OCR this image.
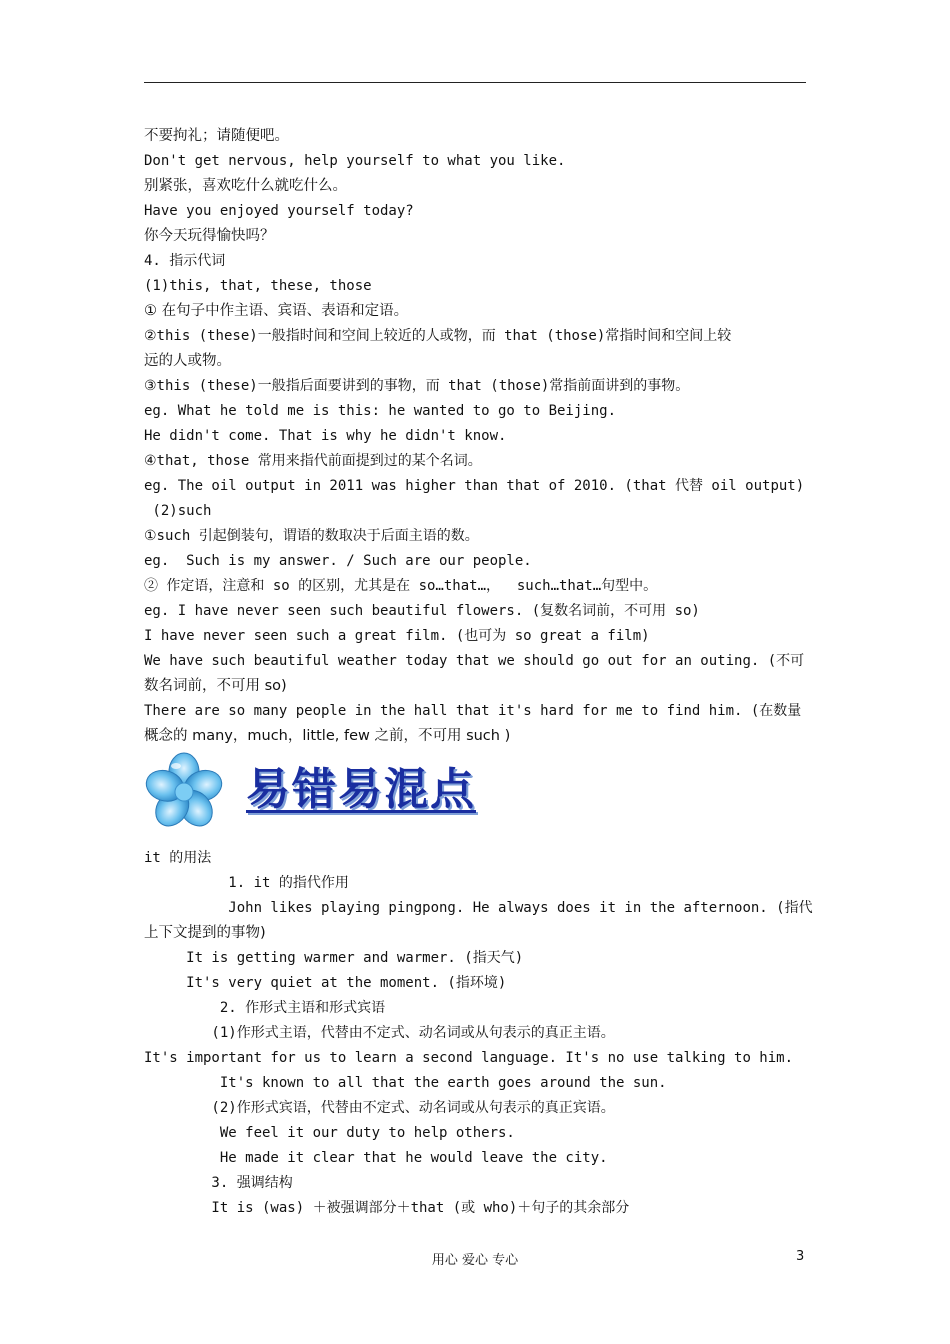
不要拘礼；请随便吧。
Don't get nervous, help yourself to what you like.
别紧张，喜欢吃什么就吃什么。
Have you enjoyed yourself today?
你今天玩得愉快吗？
4. 指示代词
(1)this, that, these, those
① 在句子中作主语、宾语、表语和定语。
②this (these)一般指时间和空间上较近的人或物，而 that (those)常指时间和空间上较
远的人或物。
③this (these)一般指后面要讲到的事物，而 that (those)常指前面讲到的事物。
eg. What he told me is this: he wanted to go to Beijing.
He didn't come. That is why he didn't know.
④that, those 常用来指代前面提到过的某个名词。
eg. The oil output in 2011 was higher than that of 2010. (that 代替 oil output)
(2)such
①such 引起倒装句，谓语的数取决于后面主语的数。
eg.  Such is my answer. / Such are our people.
② 作定语，注意和 so 的区别，尤其是在 so…that…，  such…that…句型中。
eg. I have never seen such beautiful flowers. (复数名词前，不可用 so)
I have never seen such a great film. (也可为 so great a film)
We have such beautiful weather today that we should go out for an outing. (不可
数名词前，不可用 so)
There are so many people in the hall that it's hard for me to find him. (在数量
概念的 many，much，little, few 之前，不可用 such )
易错易混点
it 的用法
1. it 的指代作用
John likes playing pingpong. He always does it in the afternoon. (指代
上下文提到的事物)
It is getting warmer and warmer. (指天气)
It's very quiet at the moment. (指环境)
2. 作形式主语和形式宾语
(1)作形式主语，代替由不定式、动名词或从句表示的真正主语。
It's important for us to learn a second language. It's no use talking to him.
It's known to all that the earth goes around the sun.
(2)作形式宾语，代替由不定式、动名词或从句表示的真正宾语。
We feel it our duty to help others.
He made it clear that he would leave the city.
3. 强调结构
It is (was) ＋被强调部分＋that (或 who)＋句子的其余部分
用心 爱心 专心	3
